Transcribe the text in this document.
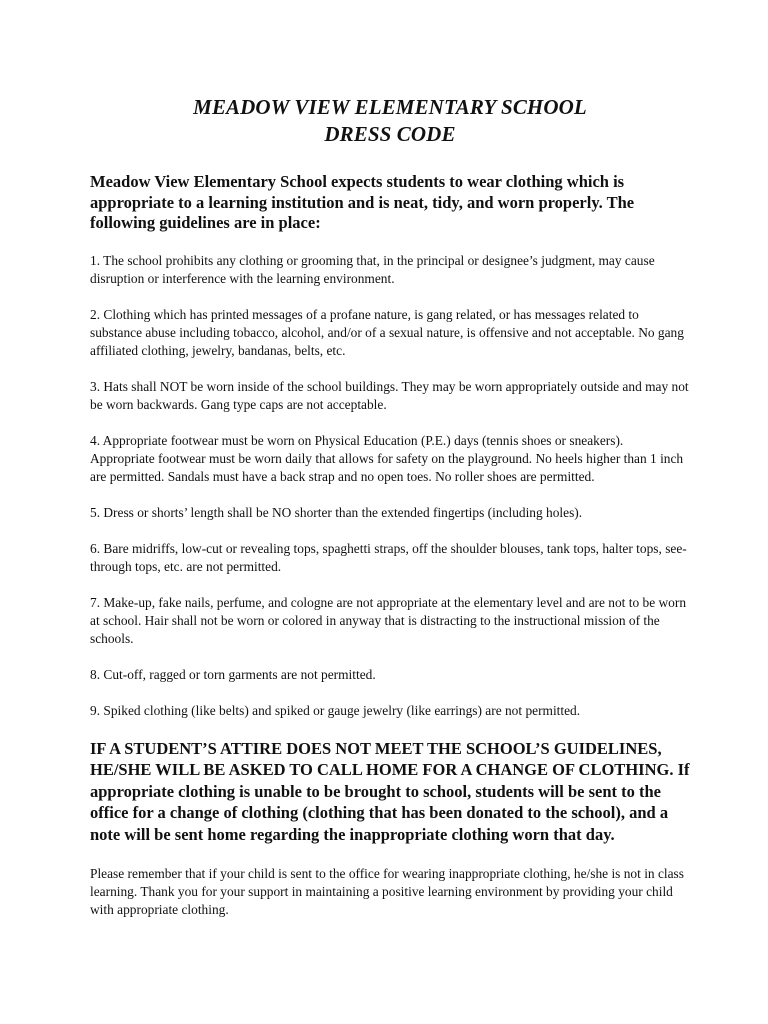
MEADOW VIEW ELEMENTARY SCHOOL
DRESS CODE

Meadow View Elementary School expects students to wear clothing which is appropriate to a learning institution and is neat, tidy, and worn properly. The following guidelines are in place:

1. The school prohibits any clothing or grooming that, in the principal or designee’s judgment, may cause disruption or interference with the learning environment.
2. Clothing which has printed messages of a profane nature, is gang related, or has messages related to substance abuse including tobacco, alcohol, and/or of a sexual nature, is offensive and not acceptable. No gang affiliated clothing, jewelry, bandanas, belts, etc.
3. Hats shall NOT be worn inside of the school buildings. They may be worn appropriately outside and may not be worn backwards. Gang type caps are not acceptable.
4. Appropriate footwear must be worn on Physical Education (P.E.) days (tennis shoes or sneakers). Appropriate footwear must be worn daily that allows for safety on the playground. No heels higher than 1 inch are permitted. Sandals must have a back strap and no open toes. No roller shoes are permitted.
5. Dress or shorts’ length shall be NO shorter than the extended fingertips (including holes).
6. Bare midriffs, low-cut or revealing tops, spaghetti straps, off the shoulder blouses, tank tops, halter tops, see-through tops, etc. are not permitted.
7. Make-up, fake nails, perfume, and cologne are not appropriate at the elementary level and are not to be worn at school. Hair shall not be worn or colored in anyway that is distracting to the instructional mission of the schools.
8. Cut-off, ragged or torn garments are not permitted.
9. Spiked clothing (like belts) and spiked or gauge jewelry (like earrings) are not permitted.

IF A STUDENT’S ATTIRE DOES NOT MEET THE SCHOOL’S GUIDELINES, HE/SHE WILL BE ASKED TO CALL HOME FOR A CHANGE OF CLOTHING. If appropriate clothing is unable to be brought to school, students will be sent to the office for a change of clothing (clothing that has been donated to the school), and a note will be sent home regarding the inappropriate clothing worn that day.

Please remember that if your child is sent to the office for wearing inappropriate clothing, he/she is not in class learning. Thank you for your support in maintaining a positive learning environment by providing your child with appropriate clothing.
